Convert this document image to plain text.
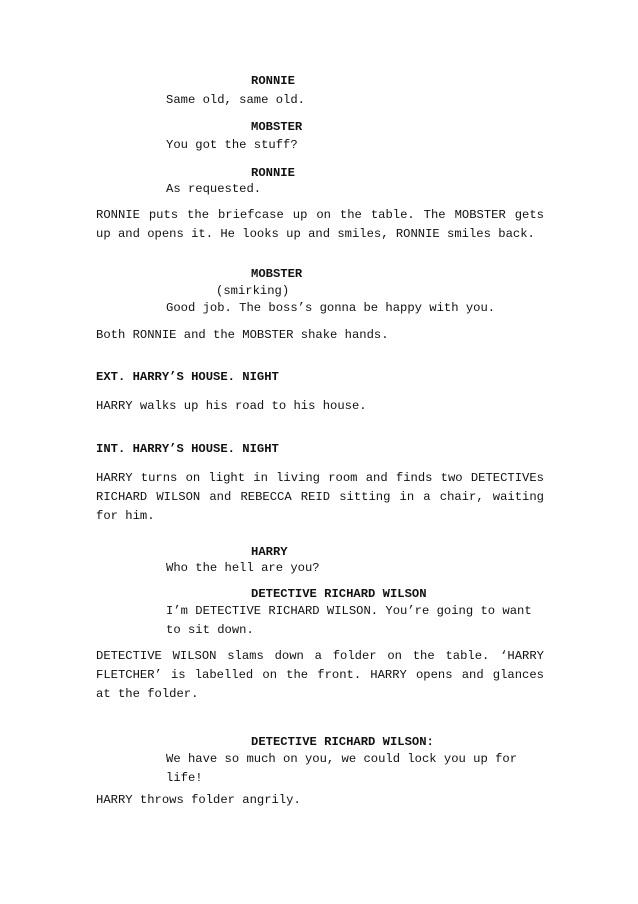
RONNIE

Same old, same old.

MOBSTER

You got the stuff?

RONNIE

As requested.

RONNIE puts the briefcase up on the table. The MOBSTER gets up and opens it. He looks up and smiles, RONNIE smiles back.

MOBSTER

(smirking)

Good job. The boss’s gonna be happy with you.

Both RONNIE and the MOBSTER shake hands.

EXT. HARRY’S HOUSE. NIGHT

HARRY walks up his road to his house.

INT. HARRY’S HOUSE. NIGHT

HARRY turns on light in living room and finds two DETECTIVEs RICHARD WILSON and REBECCA REID sitting in a chair, waiting for him.

HARRY

Who the hell are you?

DETECTIVE RICHARD WILSON

I’m DETECTIVE RICHARD WILSON. You’re going to want to sit down.

DETECTIVE WILSON slams down a folder on the table. ‘HARRY FLETCHER’ is labelled on the front. HARRY opens and glances at the folder.

DETECTIVE RICHARD WILSON:

We have so much on you, we could lock you up for life!

HARRY throws folder angrily.
